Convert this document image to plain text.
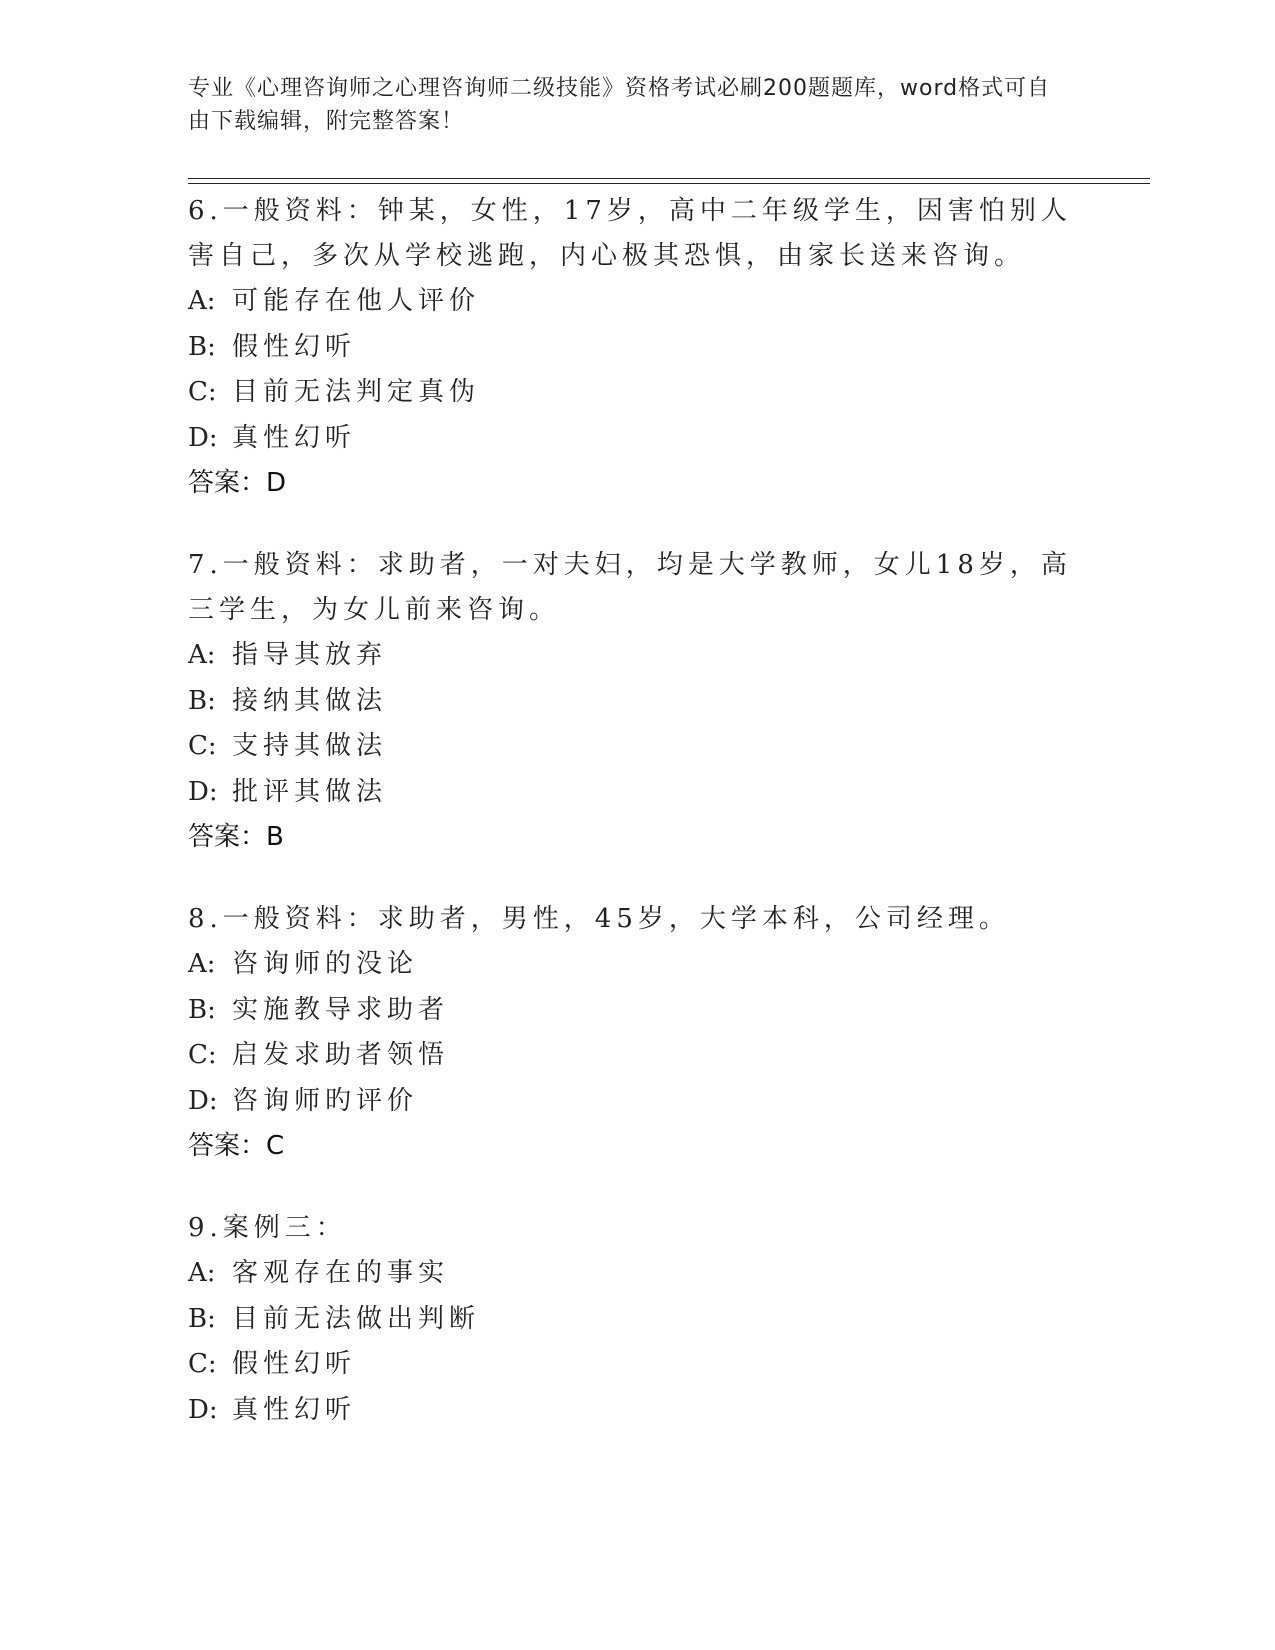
专业《心理咨询师之心理咨询师二级技能》资格考试必刷200题题库，word格式可自由下载编辑，附完整答案！
6.一般资料：钟某，女性，17岁，高中二年级学生，因害怕别人害自己，多次从学校逃跑，内心极其恐惧，由家长送来咨询。
A: 可能存在他人评价
B: 假性幻听
C: 目前无法判定真伪
D: 真性幻听
答案：D
7.一般资料：求助者，一对夫妇，均是大学教师，女儿18岁，高三学生，为女儿前来咨询。
A: 指导其放弃
B: 接纳其做法
C: 支持其做法
D: 批评其做法
答案：B
8.一般资料：求助者，男性，45岁，大学本科，公司经理。
A: 咨询师的没论
B: 实施教导求助者
C: 启发求助者领悟
D: 咨询师旳评价
答案：C
9.案例三：
A: 客观存在的事实
B: 目前无法做出判断
C: 假性幻听
D: 真性幻听
